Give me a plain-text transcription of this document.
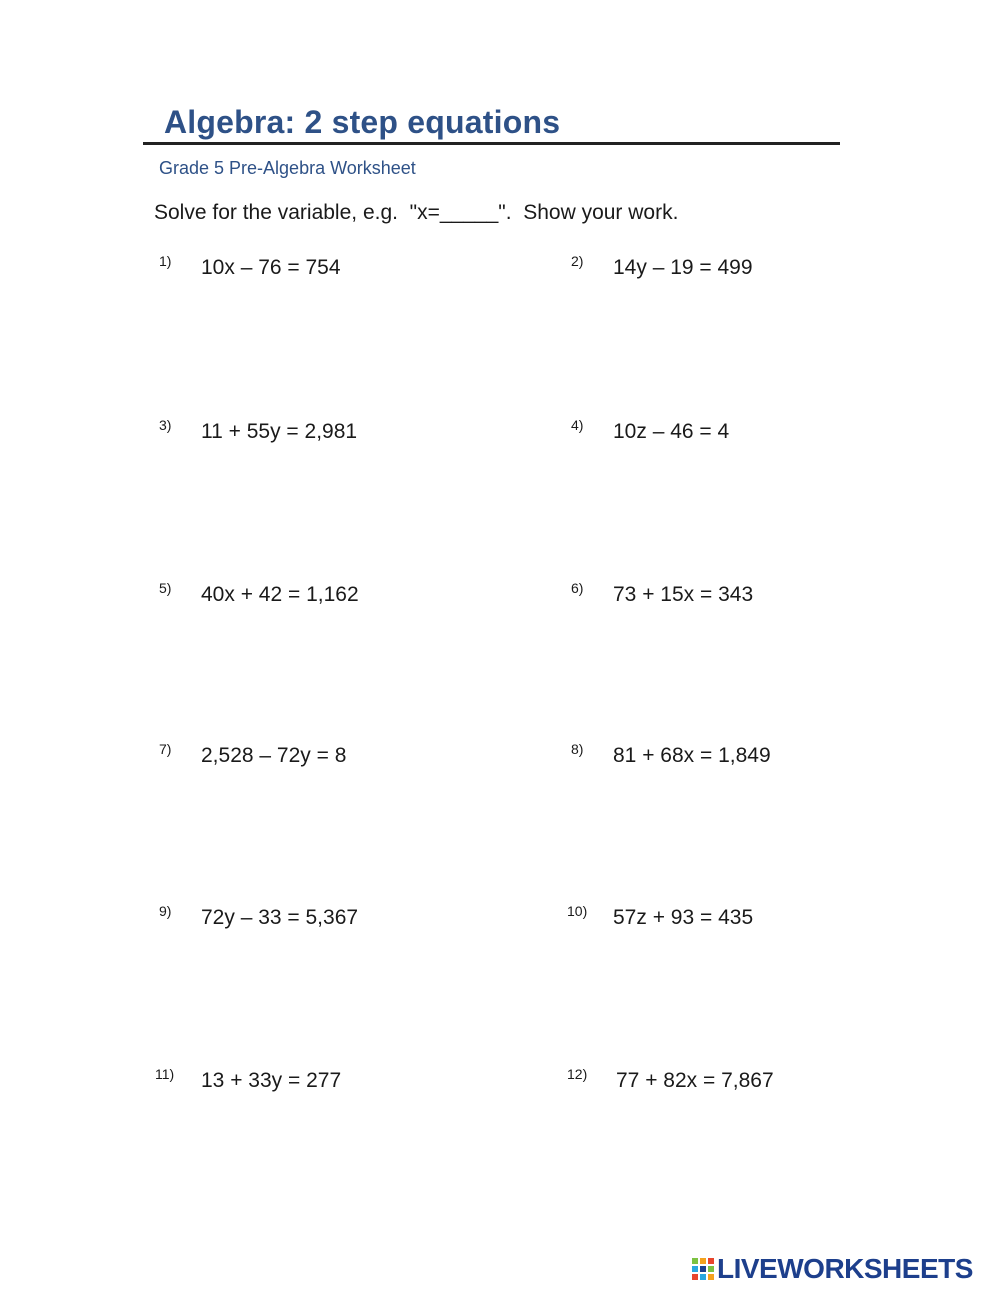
Algebra: 2 step equations
Grade 5 Pre-Algebra Worksheet
Solve for the variable, e.g.  "x=_____".  Show your work.
1) 10x – 76 = 754	2) 14y – 19 = 499
3) 11 + 55y = 2,981	4) 10z – 46 = 4
5) 40x + 42 = 1,162	6) 73 + 15x = 343
7) 2,528 – 72y = 8	8) 81 + 68x = 1,849
9) 72y – 33 = 5,367	10) 57z + 93 = 435
11) 13 + 33y = 277	12) 77 + 82x = 7,867
LIVEWORKSHEETS
